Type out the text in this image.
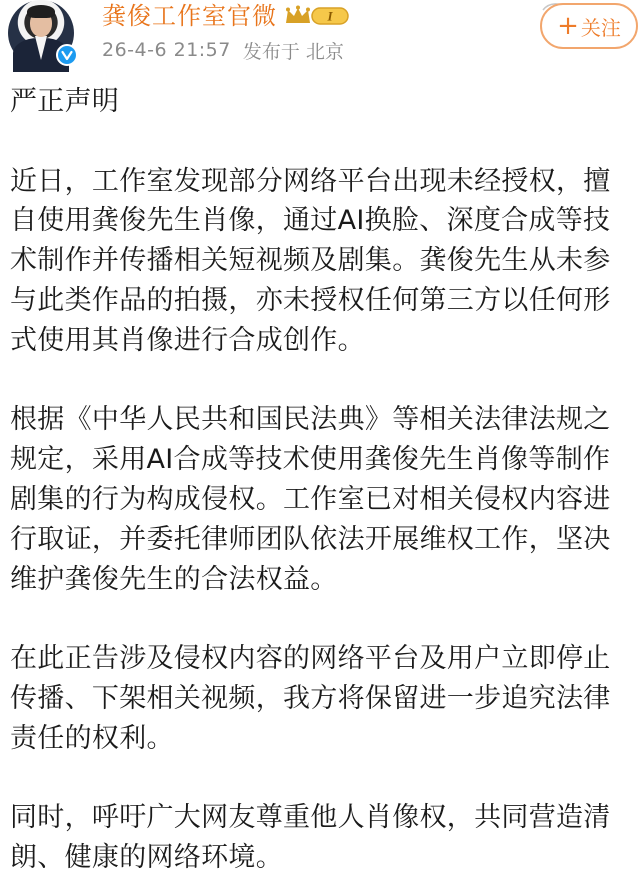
龚俊工作室官微	I
26-4-6 21:57 发布于 北京
+ 关注

严正声明

近日，工作室发现部分网络平台出现未经授权，擅自使用龚俊先生肖像，通过AI换脸、深度合成等技术制作并传播相关短视频及剧集。龚俊先生从未参与此类作品的拍摄，亦未授权任何第三方以任何形式使用其肖像进行合成创作。

根据《中华人民共和国民法典》等相关法律法规之规定，采用AI合成等技术使用龚俊先生肖像等制作剧集的行为构成侵权。工作室已对相关侵权内容进行取证，并委托律师团队依法开展维权工作，坚决维护龚俊先生的合法权益。

在此正告涉及侵权内容的网络平台及用户立即停止传播、下架相关视频，我方将保留进一步追究法律责任的权利。

同时，呼吁广大网友尊重他人肖像权，共同营造清朗、健康的网络环境。
